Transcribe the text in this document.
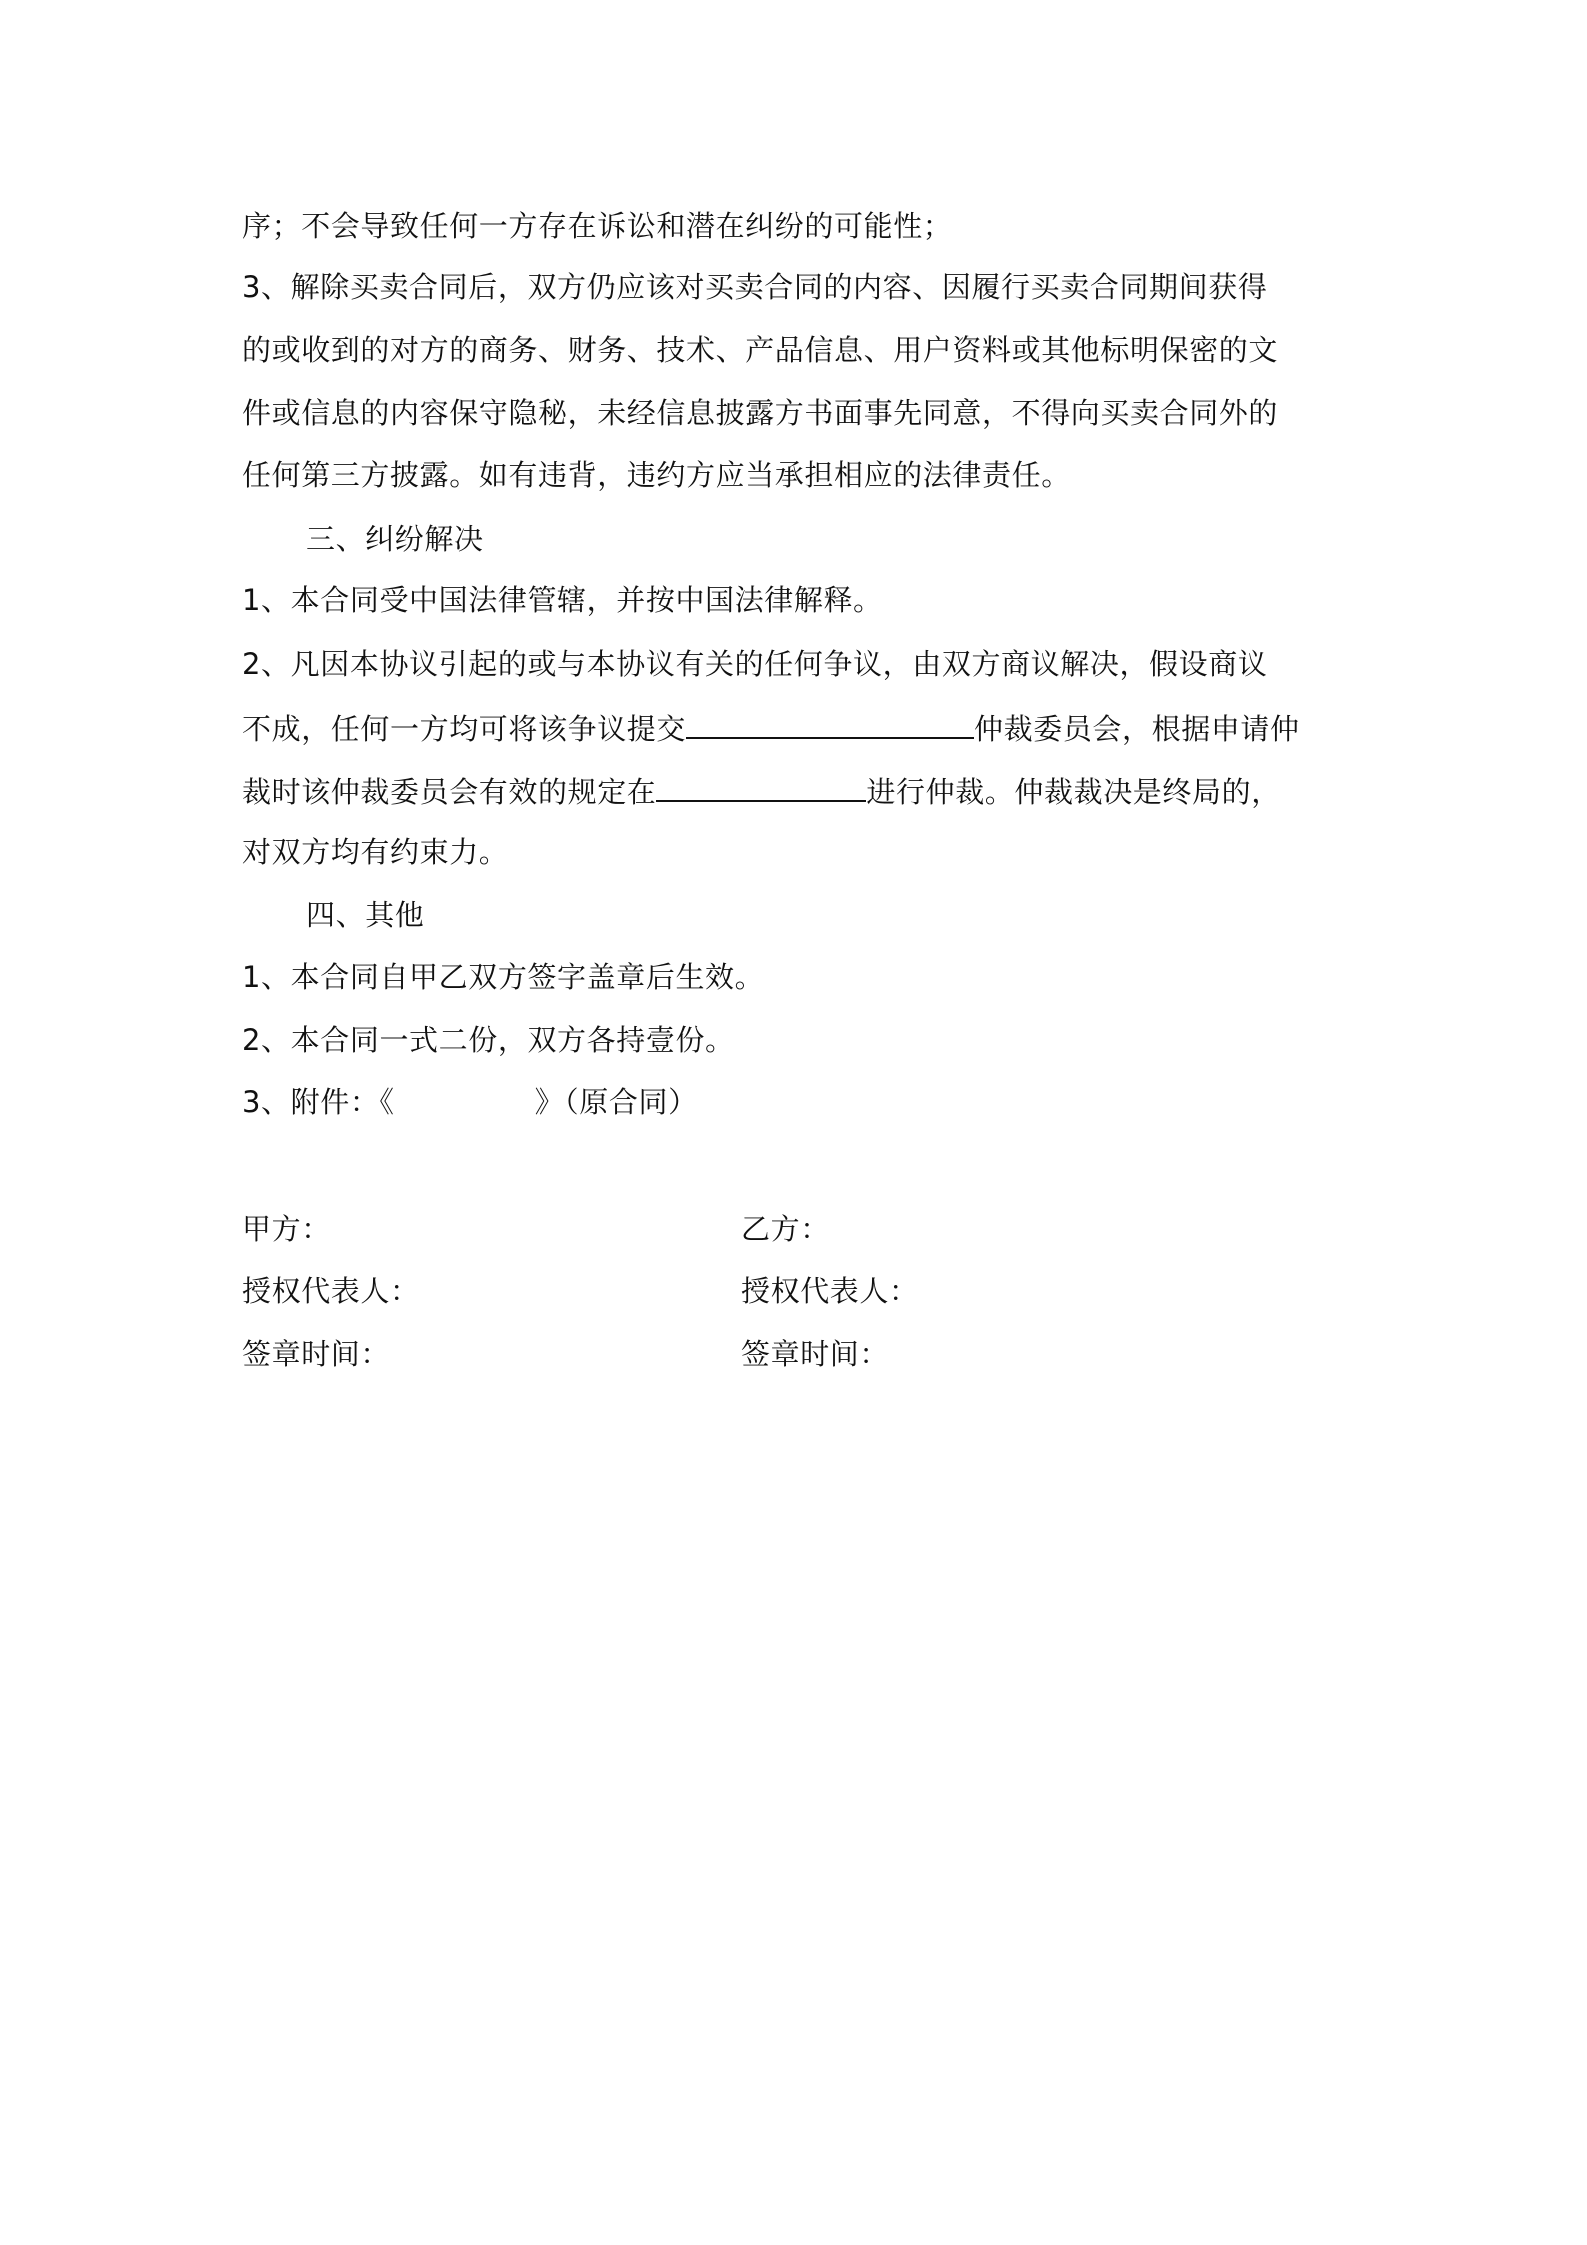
序；不会导致任何一方存在诉讼和潜在纠纷的可能性；
3、解除买卖合同后，双方仍应该对买卖合同的内容、因履行买卖合同期间获得
的或收到的对方的商务、财务、技术、产品信息、用户资料或其他标明保密的文
件或信息的内容保守隐秘，未经信息披露方书面事先同意，不得向买卖合同外的
任何第三方披露。如有违背，违约方应当承担相应的法律责任。
三、纠纷解决
1、本合同受中国法律管辖，并按中国法律解释。
2、凡因本协议引起的或与本协议有关的任何争议，由双方商议解决，假设商议
不成，任何一方均可将该争议提交	仲裁委员会，根据申请仲
裁时该仲裁委员会有效的规定在	进行仲裁。仲裁裁决是终局的，
对双方均有约束力。
四、其他
1、本合同自甲乙双方签字盖章后生效。
2、本合同一式二份，双方各持壹份。
3、附件：《	》（原合同）
甲方：	乙方：
授权代表人：	授权代表人：
签章时间：	签章时间：
